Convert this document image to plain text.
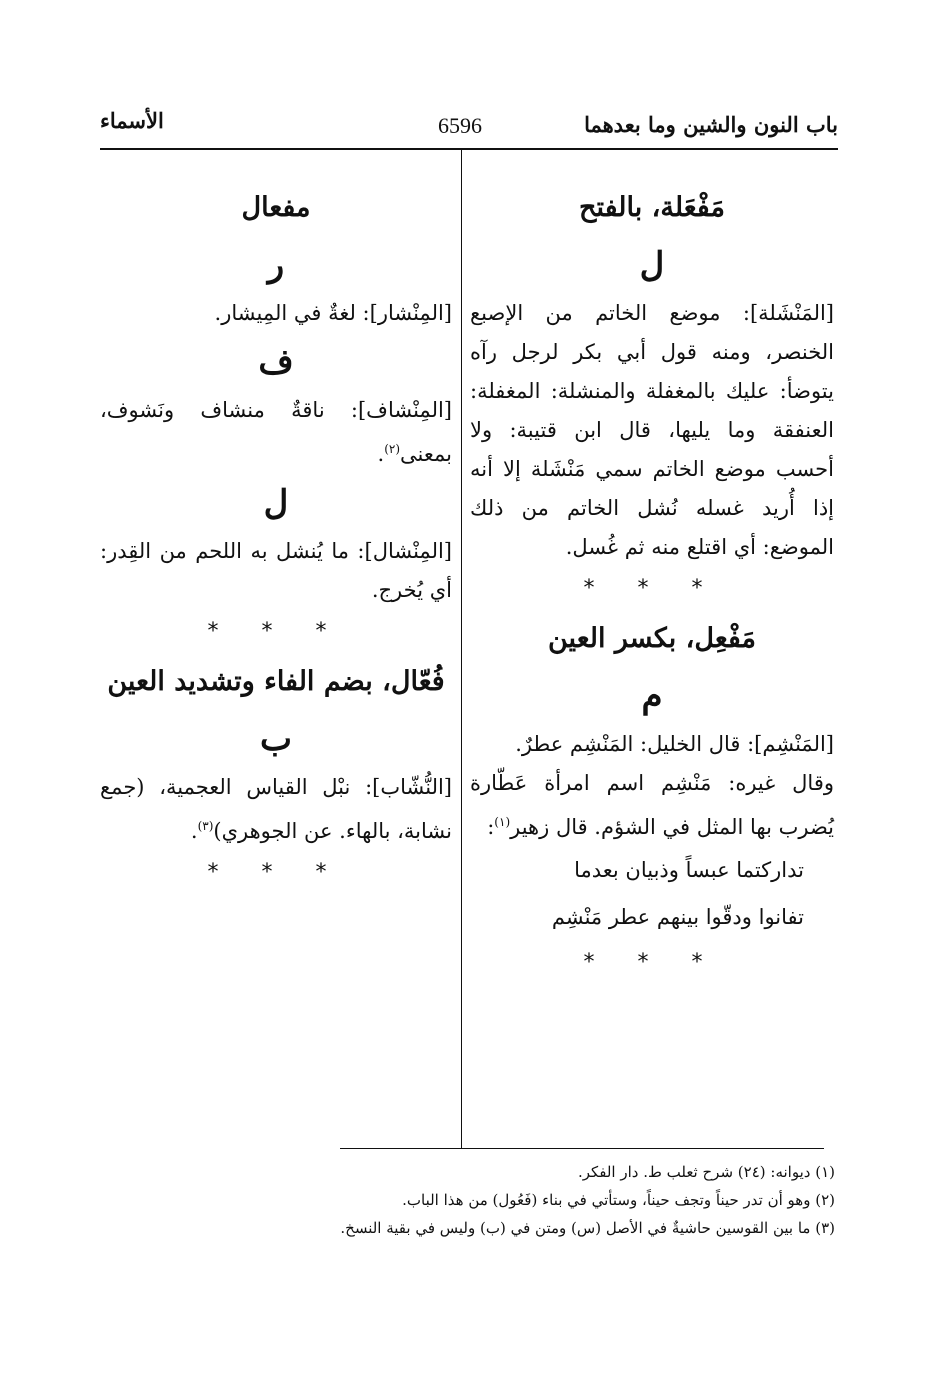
باب النون والشين وما بعدهما
6596
الأسماء
مَفْعَلة، بالفتح
ل
[المَنْشَلة]: موضع الخاتم من الإصبع الخنصر، ومنه قول أبي بكر لرجل رآه يتوضأ: عليك بالمغفلة والمنشلة: المغفلة: العنفقة وما يليها، قال ابن قتيبة: ولا أحسب موضع الخاتم سمي مَنْشَلة إلا أنه إذا أُريد غسله نُشل الخاتم من ذلك الموضع: أي اقتلع منه ثم غُسل.
* * *
مَفْعِل، بكسر العين
م
[المَنْشِم]: قال الخليل: المَنْشِم عطرٌ.
وقال غيره: مَنْشِم اسم امرأة عَطّارة يُضرب بها المثل في الشؤم. قال زهير$^{(١)}$:
تداركتما عبساً وذبيان بعدما
تفانوا ودقّوا بينهم عطر مَنْشِم
* * *
مفعال
ر
[المِنْشار]: لغةٌ في المِيشار.
ف
[المِنْشاف]: ناقةٌ منشاف ونَشوف، بمعنى$^{(٢)}$.
ل
[المِنْشال]: ما يُنشل به اللحم من القِدر: أي يُخرج.
* * *
فُعّال، بضم الفاء وتشديد العين
ب
[النُّشّاب]: نبْل القياس العجمية، (جمع نشابة، بالهاء. عن الجوهري)$^{(٣)}$.
* * *
(١) ديوانه: (٢٤) شرح ثعلب ط. دار الفكر.
(٢) وهو أن تدر حيناً وتجف حيناً، وستأتي في بناء (فَعُول) من هذا الباب.
(٣) ما بين القوسين حاشيةٌ في الأصل (س) ومتن في (ب) وليس في بقية النسخ.
